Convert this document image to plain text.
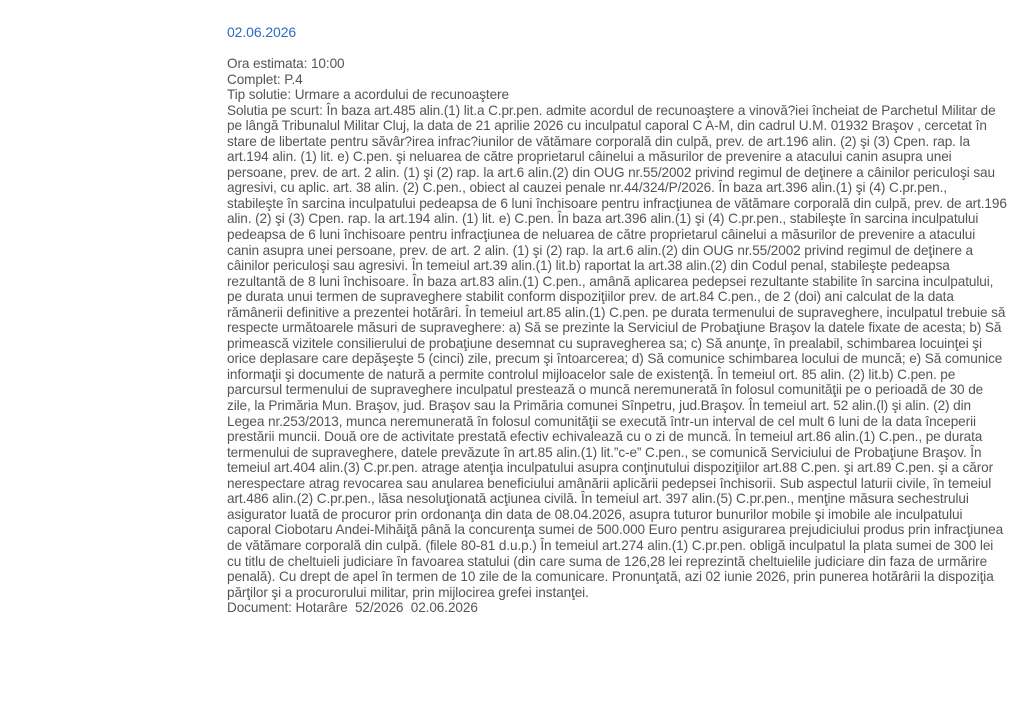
02.06.2026
Ora estimata: 10:00
Complet: P.4
Tip solutie: Urmare a acordului de recunoaştere
Solutia pe scurt: În baza art.485 alin.(1) lit.a C.pr.pen. admite acordul de recunoaştere a vinovă?iei încheiat de Parchetul Militar de pe lângă Tribunalul Militar Cluj, la data de 21 aprilie 2026 cu inculpatul caporal C A-M, din cadrul U.M. 01932 Braşov , cercetat în stare de libertate pentru săvâr?irea infrac?iunilor de vătămare corporală din culpă, prev. de art.196 alin. (2) şi (3) Cpen. rap. la art.194 alin. (1) lit. e) C.pen. şi neluarea de către proprietarul câinelui a măsurilor de prevenire a atacului canin asupra unei persoane, prev. de art. 2 alin. (1) şi (2) rap. la art.6 alin.(2) din OUG nr.55/2002 privind regimul de deţinere a câinilor periculoşi sau agresivi, cu aplic. art. 38 alin. (2) C.pen., obiect al cauzei penale nr.44/324/P/2026. În baza art.396 alin.(1) şi (4) C.pr.pen., stabileşte în sarcina inculpatului pedeapsa de 6 luni închisoare pentru infracţiunea de vătămare corporală din culpă, prev. de art.196 alin. (2) şi (3) Cpen. rap. la art.194 alin. (1) lit. e) C.pen. În baza art.396 alin.(1) şi (4) C.pr.pen., stabileşte în sarcina inculpatului pedeapsa de 6 luni închisoare pentru infracţiunea de neluarea de către proprietarul câinelui a măsurilor de prevenire a atacului canin asupra unei persoane, prev. de art. 2 alin. (1) şi (2) rap. la art.6 alin.(2) din OUG nr.55/2002 privind regimul de deţinere a câinilor periculoşi sau agresivi. În temeiul art.39 alin.(1) lit.b) raportat la art.38 alin.(2) din Codul penal, stabileşte pedeapsa rezultantă de 8 luni închisoare. În baza art.83 alin.(1) C.pen., amână aplicarea pedepsei rezultante stabilite în sarcina inculpatului, pe durata unui termen de supraveghere stabilit conform dispoziţiilor prev. de art.84 C.pen., de 2 (doi) ani calculat de la data rămânerii definitive a prezentei hotărâri. În temeiul art.85 alin.(1) C.pen. pe durata termenului de supraveghere, inculpatul trebuie să respecte următoarele măsuri de supraveghere: a) Să se prezinte la Serviciul de Probaţiune Braşov la datele fixate de acesta; b) Să primească vizitele consilierului de probaţiune desemnat cu supravegherea sa; c) Să anunţe, în prealabil, schimbarea locuinţei şi orice deplasare care depăşeşte 5 (cinci) zile, precum şi întoarcerea; d) Să comunice schimbarea locului de muncă; e) Să comunice informaţii şi documente de natură a permite controlul mijloacelor sale de existenţă. În temeiul ort. 85 alin. (2) lit.b) C.pen. pe parcursul termenului de supraveghere inculpatul prestează o muncă neremunerată în folosul comunităţii pe o perioadă de 30 de zile, la Primăria Mun. Braşov, jud. Braşov sau la Primăria comunei Sînpetru, jud.Braşov. În temeiul art. 52 alin.(l) şi alin. (2) din Legea nr.253/2013, munca neremunerată în folosul comunităţii se execută într-un interval de cel mult 6 luni de la data începerii prestării muncii. Două ore de activitate prestată efectiv echivalează cu o zi de muncă. În temeiul art.86 alin.(1) C.pen., pe durata termenului de supraveghere, datele prevăzute în art.85 alin.(1) lit.”c-e” C.pen., se comunică Serviciului de Probaţiune Braşov. În temeiul art.404 alin.(3) C.pr.pen. atrage atenţia inculpatului asupra conţinutului dispoziţiilor art.88 C.pen. şi art.89 C.pen. şi a căror nerespectare atrag revocarea sau anularea beneficiului amânării aplicării pedepsei închisorii. Sub aspectul laturii civile, în temeiul art.486 alin.(2) C.pr.pen., lăsa nesoluţionată acţiunea civilă. În temeiul art. 397 alin.(5) C.pr.pen., menţine măsura sechestrului asigurator luată de procuror prin ordonanţa din data de 08.04.2026, asupra tuturor bunurilor mobile şi imobile ale inculpatului caporal Ciobotaru Andei-Mihăiţă până la concurenţa sumei de 500.000 Euro pentru asigurarea prejudiciului produs prin infracţiunea de vătămare corporală din culpă. (filele 80-81 d.u.p.) În temeiul art.274 alin.(1) C.pr.pen. obligă inculpatul la plata sumei de 300 lei cu titlu de cheltuieli judiciare în favoarea statului (din care suma de 126,28 lei reprezintă cheltuielile judiciare din faza de urmărire penală). Cu drept de apel în termen de 10 zile de la comunicare. Pronunţată, azi 02 iunie 2026, prin punerea hotărârii la dispoziţia părţilor şi a procurorului militar, prin mijlocirea grefei instanţei.
Document: Hotarâre  52/2026  02.06.2026
